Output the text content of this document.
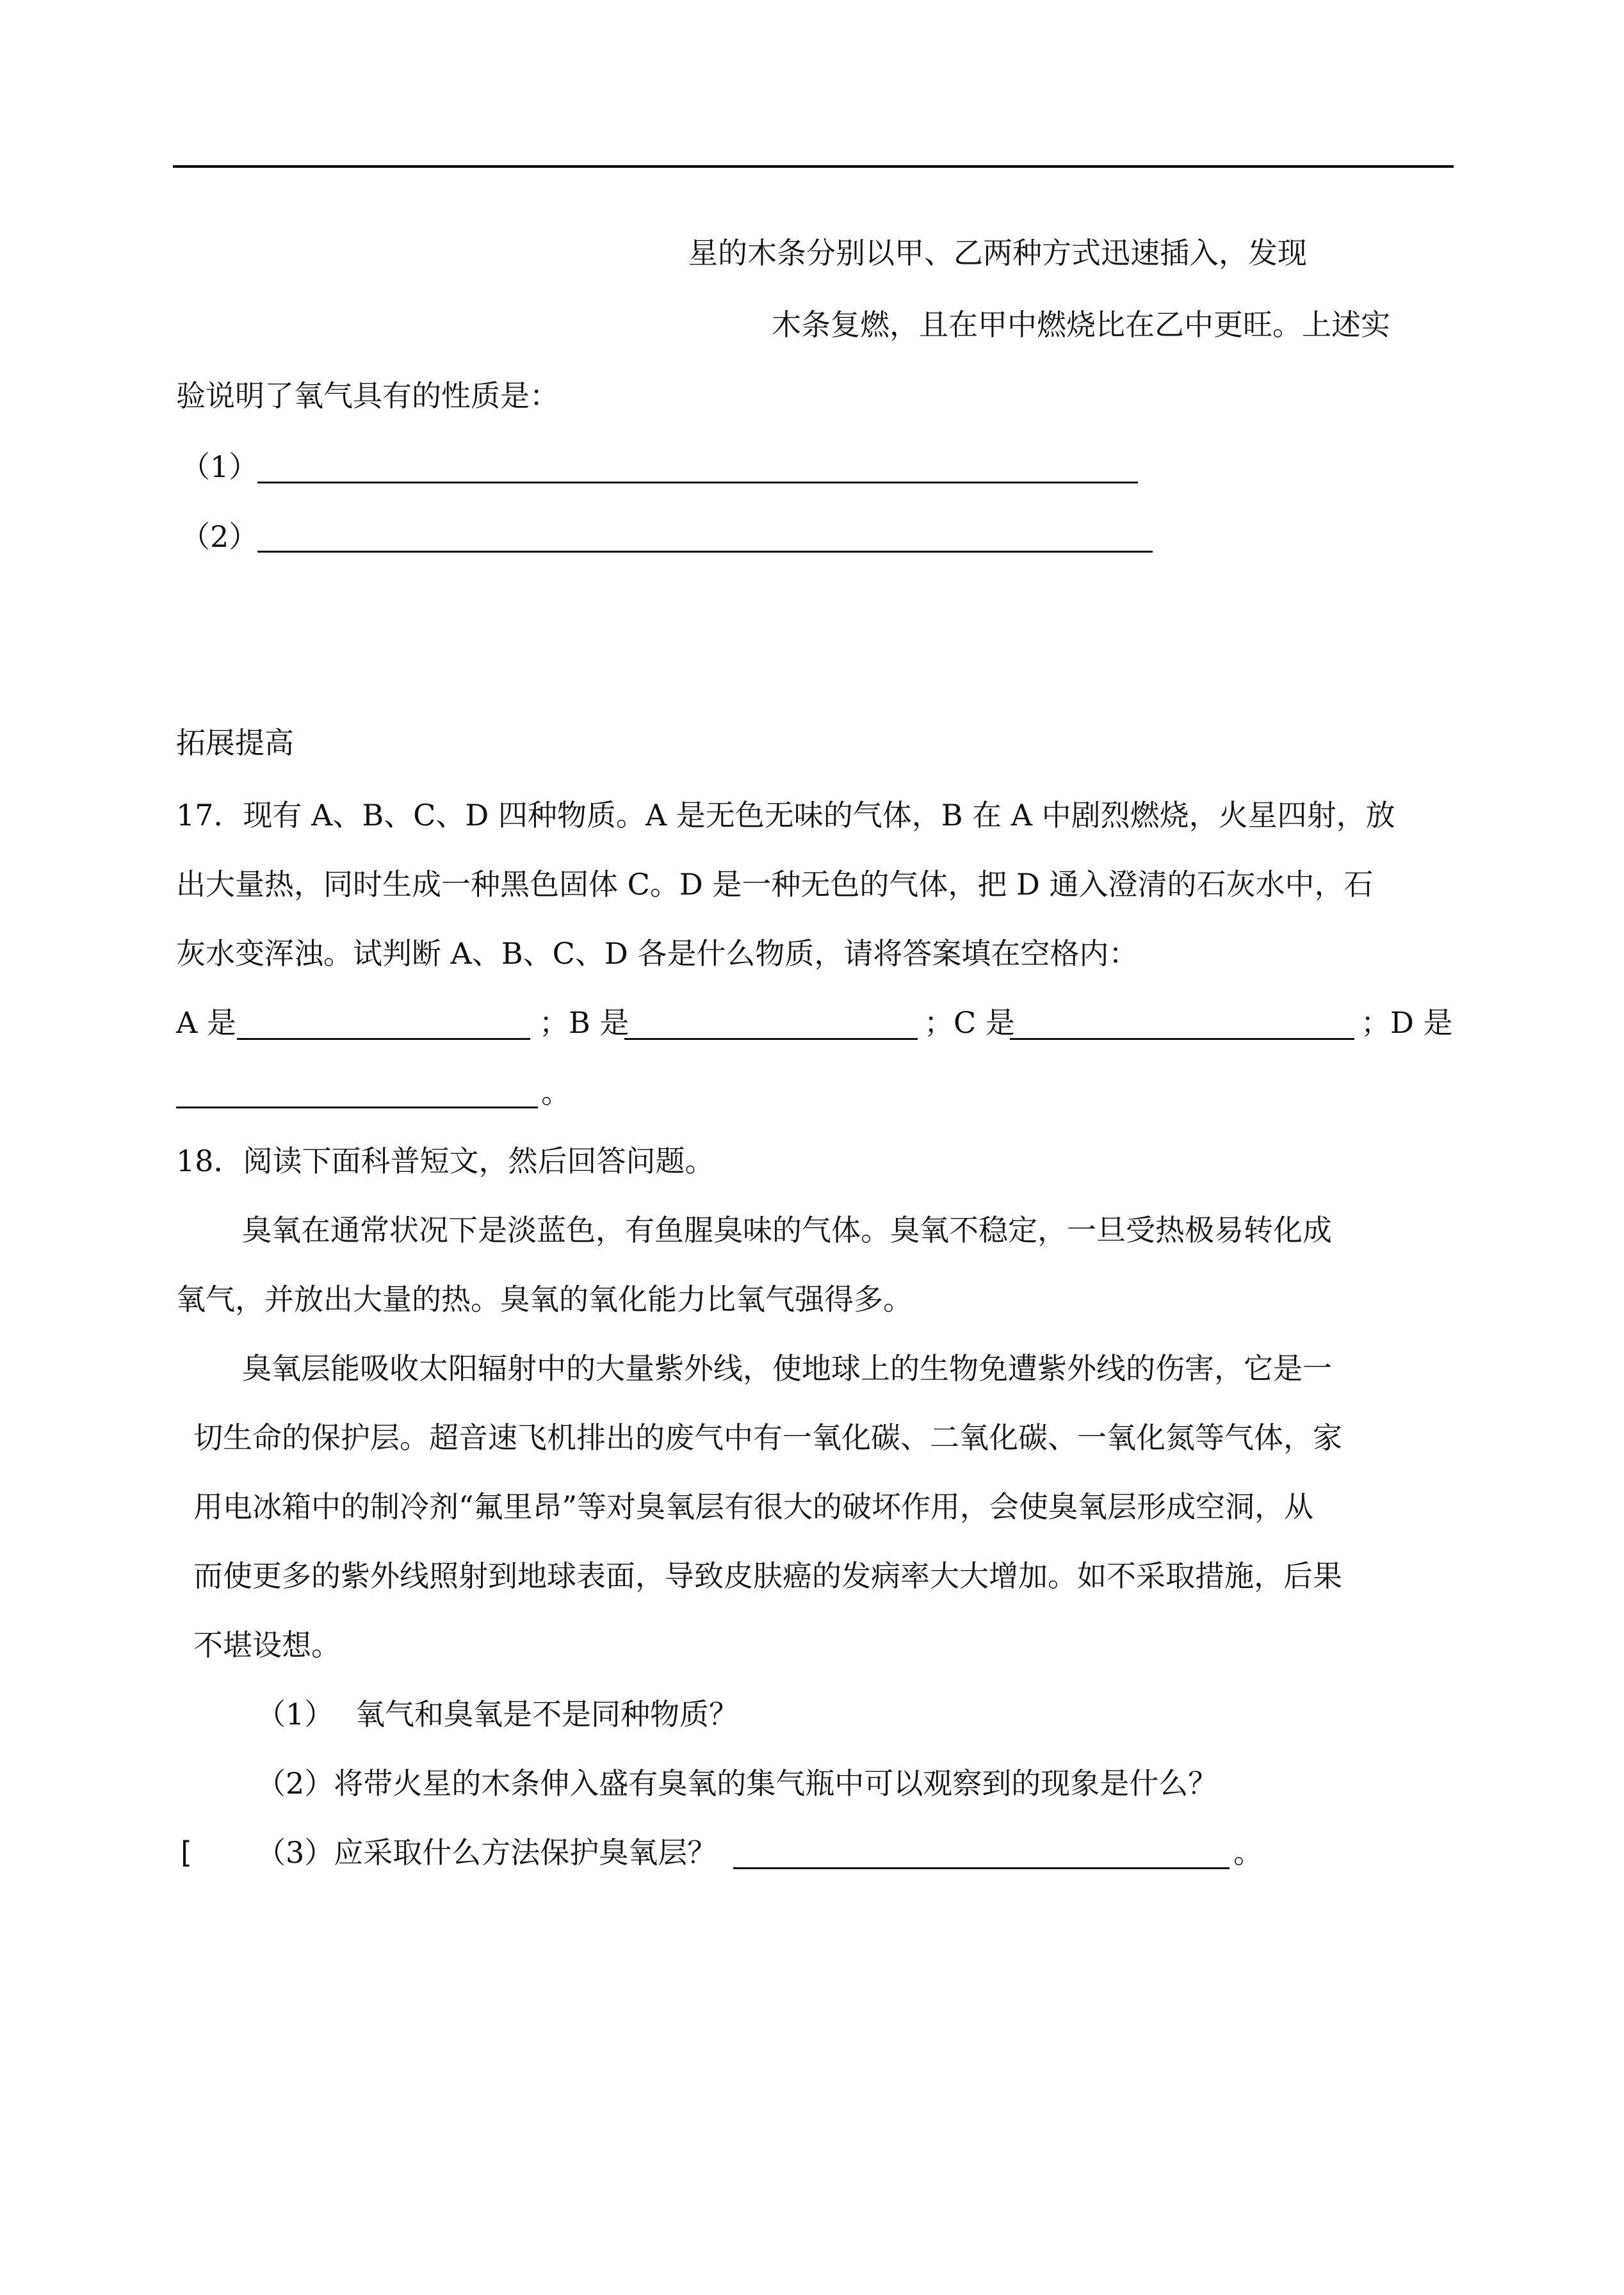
星的木条分别以甲、乙两种方式迅速插入，发现
木条复燃，且在甲中燃烧比在乙中更旺。上述实
验说明了氧气具有的性质是：
（1）
（2）
拓展提高
17．现有 A、B、C、D 四种物质。A 是无色无味的气体，B 在 A 中剧烈燃烧，火星四射，放
出大量热，同时生成一种黑色固体 C。D 是一种无色的气体，把 D 通入澄清的石灰水中，石
灰水变浑浊。试判断 A、B、C、D 各是什么物质，请将答案填在空格内：
A 是	；B 是	；C 是	；D 是
。
18．阅读下面科普短文，然后回答问题。
臭氧在通常状况下是淡蓝色，有鱼腥臭味的气体。臭氧不稳定，一旦受热极易转化成
氧气，并放出大量的热。臭氧的氧化能力比氧气强得多。
臭氧层能吸收太阳辐射中的大量紫外线，使地球上的生物免遭紫外线的伤害，它是一
切生命的保护层。超音速飞机排出的废气中有一氧化碳、二氧化碳、一氧化氮等气体，家
用电冰箱中的制冷剂“氟里昂”等对臭氧层有很大的破坏作用，会使臭氧层形成空洞，从
而使更多的紫外线照射到地球表面，导致皮肤癌的发病率大大增加。如不采取措施，后果
不堪设想。
（1） 氧气和臭氧是不是同种物质？
（2）将带火星的木条伸入盛有臭氧的集气瓶中可以观察到的现象是什么？
[ （3）应采取什么方法保护臭氧层？	。
